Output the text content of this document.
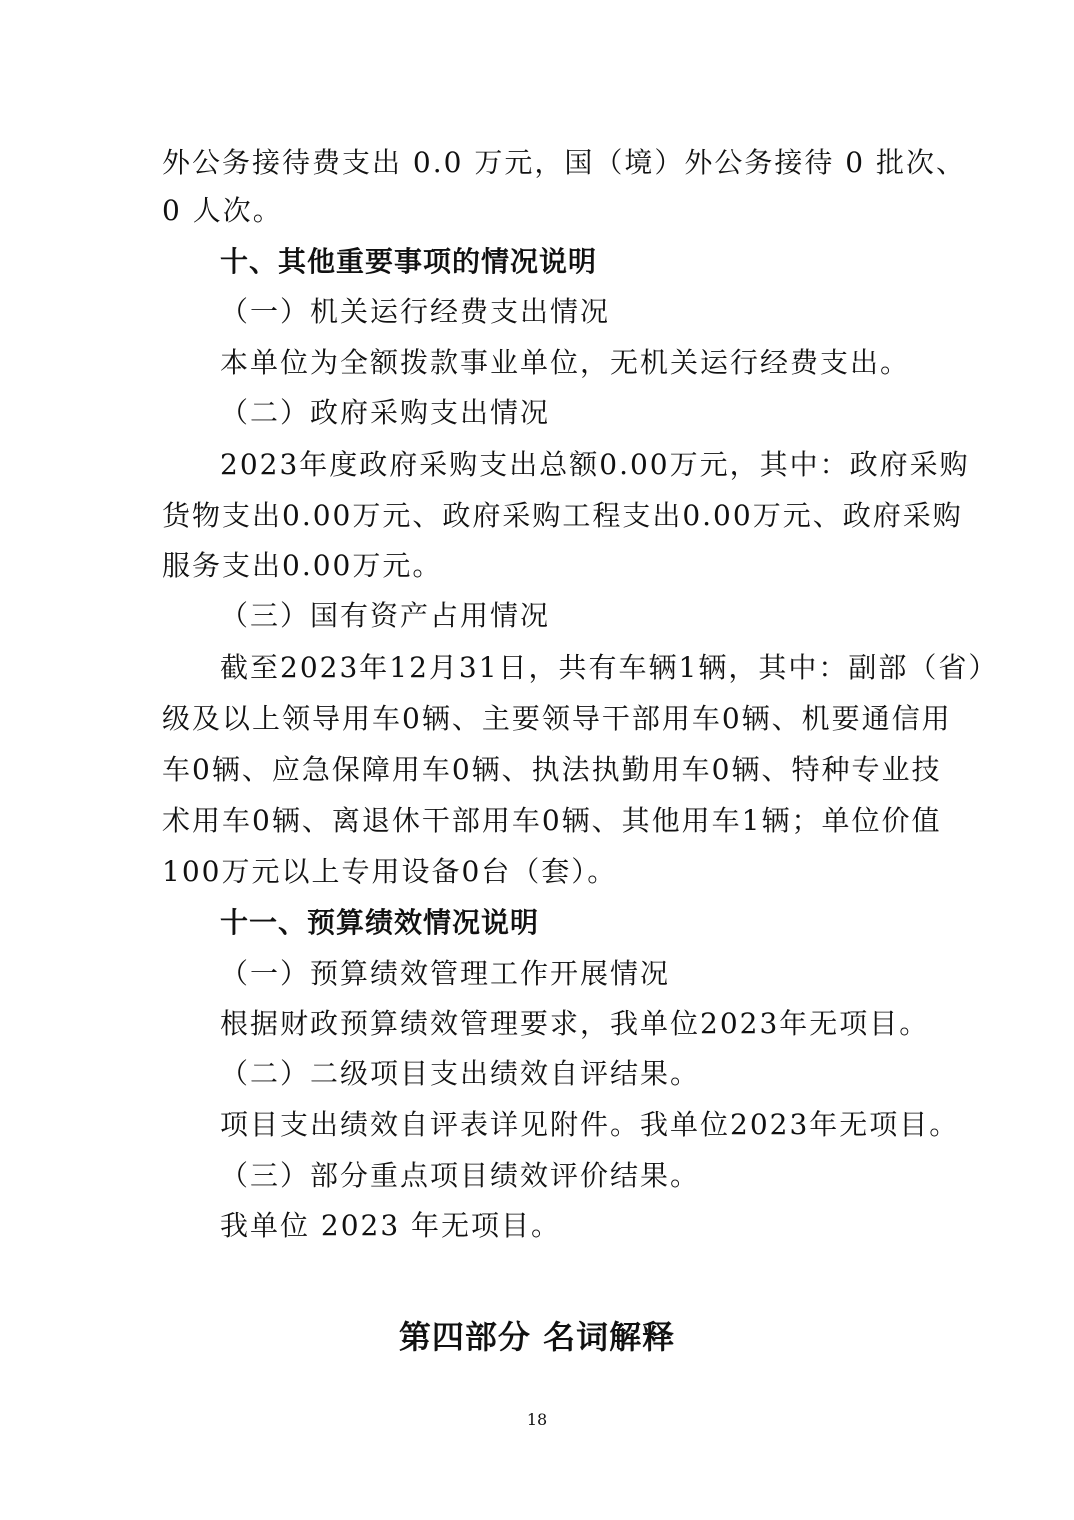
外公务接待费支出 0.0 万元，国（境）外公务接待 0 批次、
0 人次。
十、其他重要事项的情况说明
（一）机关运行经费支出情况
本单位为全额拨款事业单位，无机关运行经费支出。
（二）政府采购支出情况
2023年度政府采购支出总额0.00万元，其中：政府采购
货物支出0.00万元、政府采购工程支出0.00万元、政府采购
服务支出0.00万元。
（三）国有资产占用情况
截至2023年12月31日，共有车辆1辆，其中：副部（省）
级及以上领导用车0辆、主要领导干部用车0辆、机要通信用
车0辆、应急保障用车0辆、执法执勤用车0辆、特种专业技
术用车0辆、离退休干部用车0辆、其他用车1辆；单位价值
100万元以上专用设备0台（套）。
十一、预算绩效情况说明
（一）预算绩效管理工作开展情况
根据财政预算绩效管理要求，我单位2023年无项目。
（二）二级项目支出绩效自评结果。
项目支出绩效自评表详见附件。我单位2023年无项目。
（三）部分重点项目绩效评价结果。
我单位 2023 年无项目。
第四部分 名词解释
18
